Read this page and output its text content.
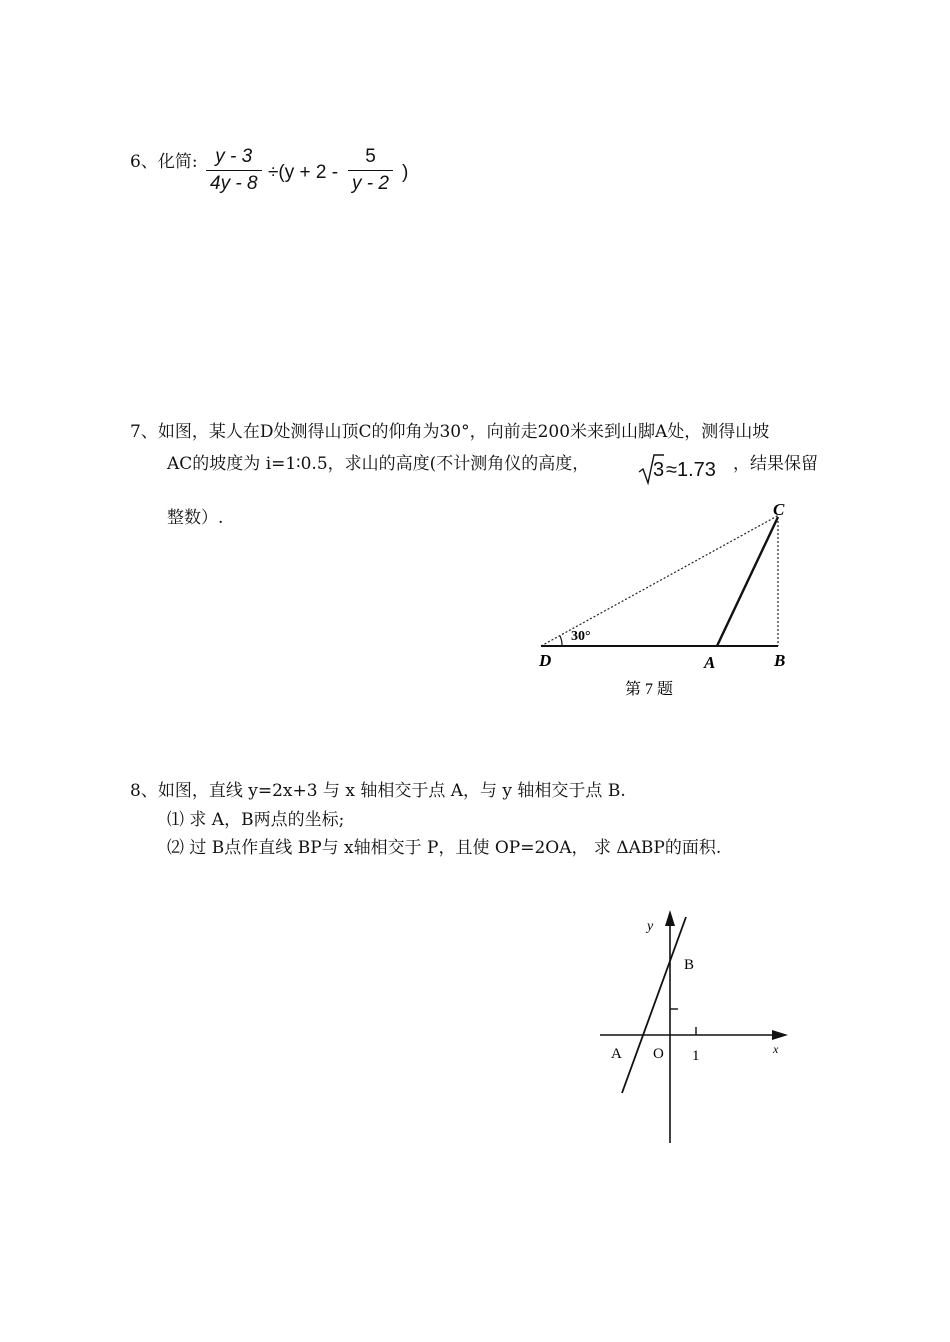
6、化简: $\frac{y - 3}{4y - 8} \div(y + 2 - \frac{5}{y - 2}$ )
7、如图，某人在D处测得山顶C的仰角为30°，向前走200米来到山脚A处，测得山坡
AC的坡度为 i=1∶0.5，求山的高度(不计测角仪的高度，	3 ≈1.73 ，结果保留
整数）.
30°
C
D	A	B
第 7 题
8、如图，直线 y=2x+3 与 x 轴相交于点 A，与 y 轴相交于点 B.
⑴ 求 A，B两点的坐标;
⑵ 过 B点作直线 BP与 x轴相交于 P，且使 OP=2OA， 求 ΔABP的面积.
y
x
B
A O 1
